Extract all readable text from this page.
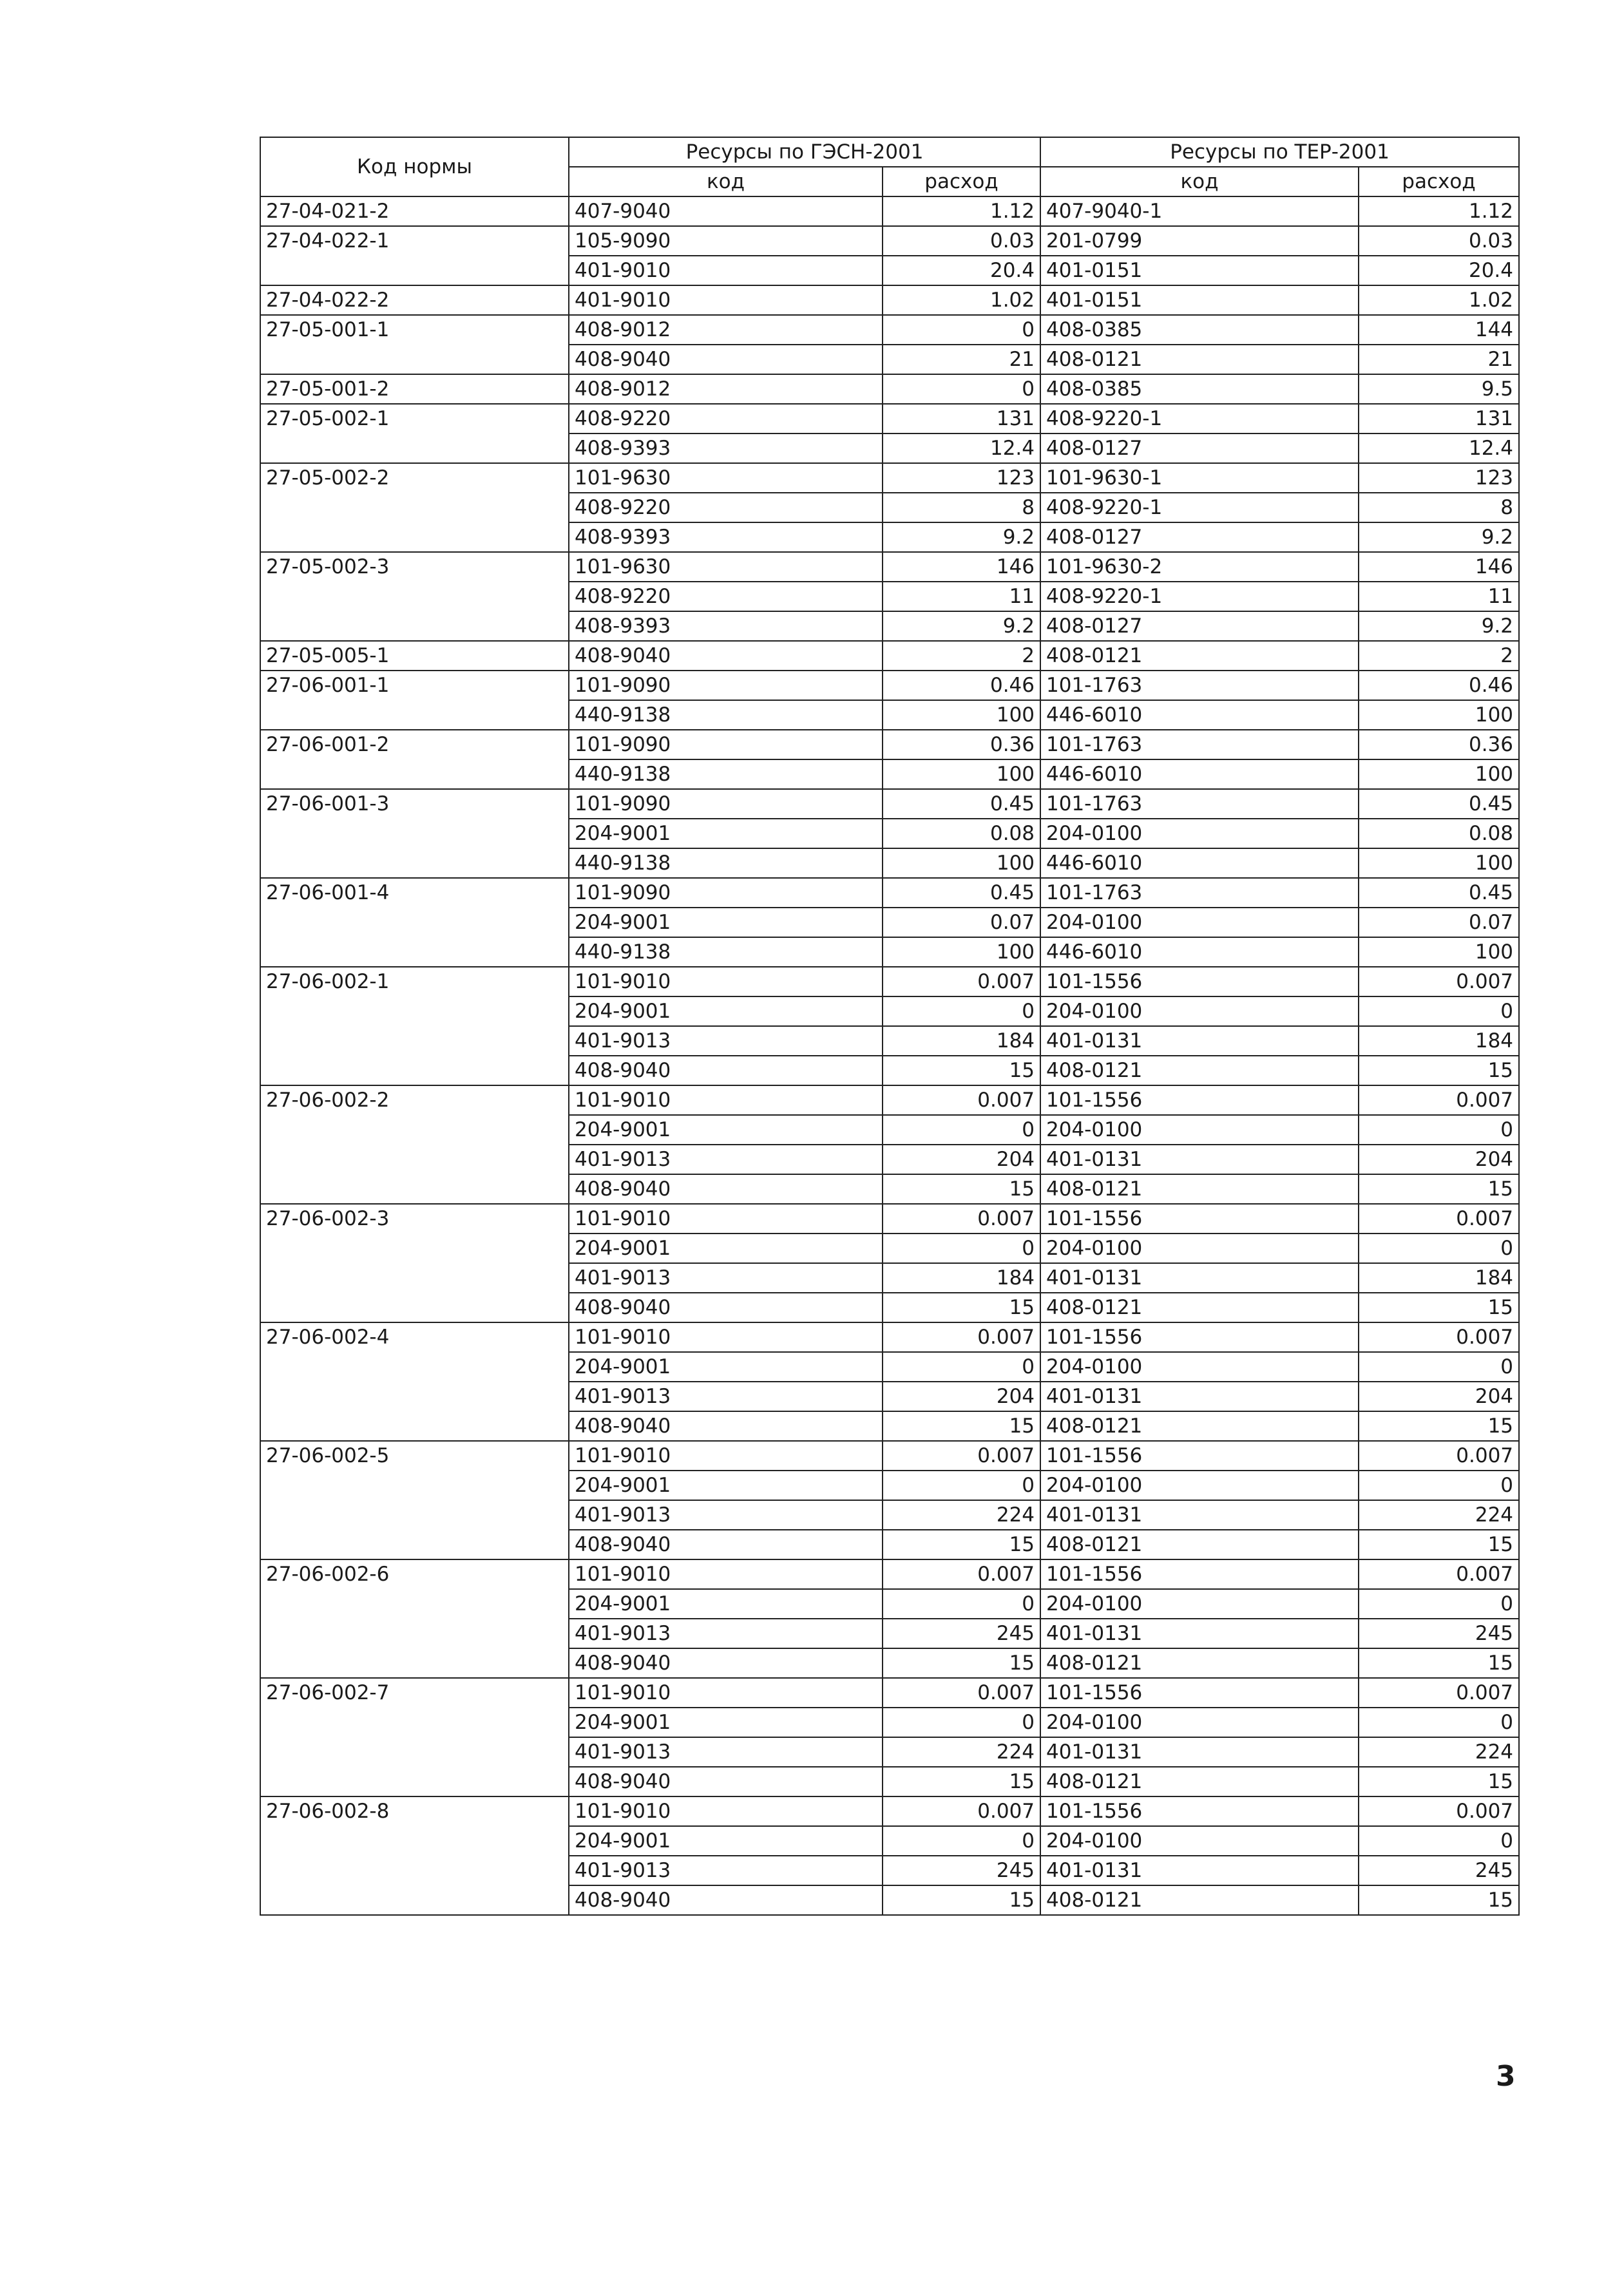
Код нормы	Ресурсы по ГЭСН-2001		Ресурсы по ТЕР-2001	
	код	расход	код	расход
27-04-021-2	407-9040	1.12	407-9040-1	1.12
27-04-022-1	105-9090	0.03	201-0799	0.03
	401-9010	20.4	401-0151	20.4
27-04-022-2	401-9010	1.02	401-0151	1.02
27-05-001-1	408-9012	0	408-0385	144
	408-9040	21	408-0121	21
27-05-001-2	408-9012	0	408-0385	9.5
27-05-002-1	408-9220	131	408-9220-1	131
	408-9393	12.4	408-0127	12.4
27-05-002-2	101-9630	123	101-9630-1	123
	408-9220	8	408-9220-1	8
	408-9393	9.2	408-0127	9.2
27-05-002-3	101-9630	146	101-9630-2	146
	408-9220	11	408-9220-1	11
	408-9393	9.2	408-0127	9.2
27-05-005-1	408-9040	2	408-0121	2
27-06-001-1	101-9090	0.46	101-1763	0.46
	440-9138	100	446-6010	100
27-06-001-2	101-9090	0.36	101-1763	0.36
	440-9138	100	446-6010	100
27-06-001-3	101-9090	0.45	101-1763	0.45
	204-9001	0.08	204-0100	0.08
	440-9138	100	446-6010	100
27-06-001-4	101-9090	0.45	101-1763	0.45
	204-9001	0.07	204-0100	0.07
	440-9138	100	446-6010	100
27-06-002-1	101-9010	0.007	101-1556	0.007
	204-9001	0	204-0100	0
	401-9013	184	401-0131	184
	408-9040	15	408-0121	15
27-06-002-2	101-9010	0.007	101-1556	0.007
	204-9001	0	204-0100	0
	401-9013	204	401-0131	204
	408-9040	15	408-0121	15
27-06-002-3	101-9010	0.007	101-1556	0.007
	204-9001	0	204-0100	0
	401-9013	184	401-0131	184
	408-9040	15	408-0121	15
27-06-002-4	101-9010	0.007	101-1556	0.007
	204-9001	0	204-0100	0
	401-9013	204	401-0131	204
	408-9040	15	408-0121	15
27-06-002-5	101-9010	0.007	101-1556	0.007
	204-9001	0	204-0100	0
	401-9013	224	401-0131	224
	408-9040	15	408-0121	15
27-06-002-6	101-9010	0.007	101-1556	0.007
	204-9001	0	204-0100	0
	401-9013	245	401-0131	245
	408-9040	15	408-0121	15
27-06-002-7	101-9010	0.007	101-1556	0.007
	204-9001	0	204-0100	0
	401-9013	224	401-0131	224
	408-9040	15	408-0121	15
27-06-002-8	101-9010	0.007	101-1556	0.007
	204-9001	0	204-0100	0
	401-9013	245	401-0131	245
	408-9040	15	408-0121	15
3
